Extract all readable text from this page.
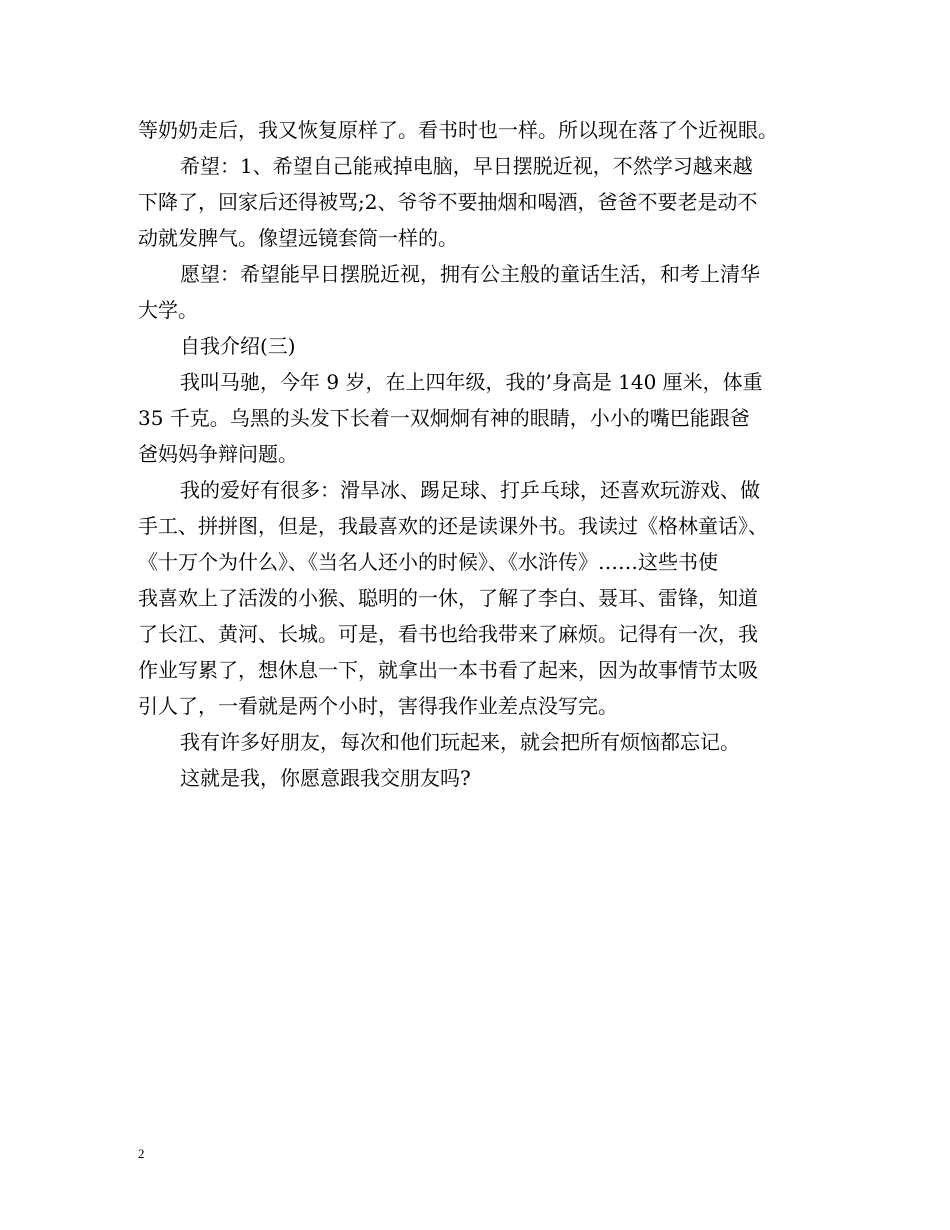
等奶奶走后，我又恢复原样了。看书时也一样。所以现在落了个近视眼。
希望：1、希望自己能戒掉电脑，早日摆脱近视，不然学习越来越
下降了，回家后还得被骂;2、爷爷不要抽烟和喝酒，爸爸不要老是动不
动就发脾气。像望远镜套筒一样的。
愿望：希望能早日摆脱近视，拥有公主般的童话生活，和考上清华
大学。
自我介绍(三)
我叫马驰，今年 9 岁，在上四年级，我的’身高是 140 厘米，体重
35 千克。乌黑的头发下长着一双炯炯有神的眼睛，小小的嘴巴能跟爸
爸妈妈争辩问题。
我的爱好有很多：滑旱冰、踢足球、打乒乓球，还喜欢玩游戏、做
手工、拼拼图，但是，我最喜欢的还是读课外书。我读过《格林童话》、
《十万个为什么》、《当名人还小的时候》、《水浒传》……这些书使
我喜欢上了活泼的小猴、聪明的一休，了解了李白、聂耳、雷锋，知道
了长江、黄河、长城。可是，看书也给我带来了麻烦。记得有一次，我
作业写累了，想休息一下，就拿出一本书看了起来，因为故事情节太吸
引人了，一看就是两个小时，害得我作业差点没写完。
我有许多好朋友，每次和他们玩起来，就会把所有烦恼都忘记。
这就是我，你愿意跟我交朋友吗?
2
